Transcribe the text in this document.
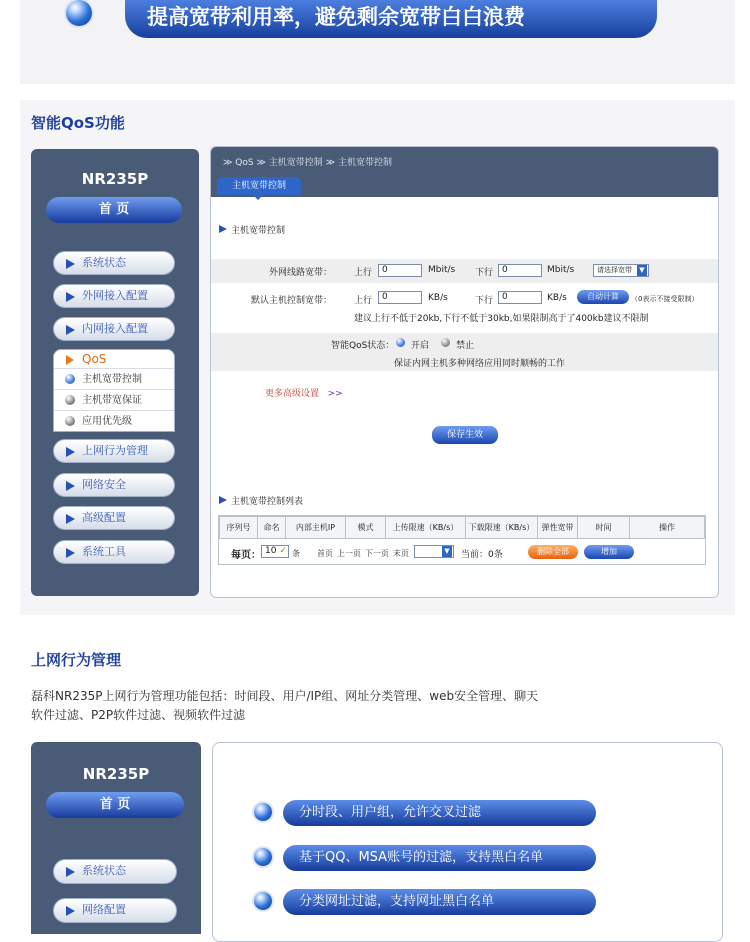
提高宽带利用率，避免剩余宽带白白浪费
智能QoS功能
NR235P
首 页
系统状态
外网接入配置
内网接入配置
QoS
主机宽带控制
主机带宽保证
应用优先级
上网行为管理
网络安全
高级配置
系统工具
≫ QoS ≫ 主机宽带控制 ≫ 主机宽带控制
主机宽带控制
主机宽带控制
外网线路宽带： 上行	0	Mbit/s 下行 0	Mbit/s	请选择宽带	▼
默认主机控制宽带： 上行	0	KB/s	下行 0	KB/s	自动计算	（0表示不接受限制）
建议上行不低于20kb,下行不低于30kb,如果限制高于了400kb建议不限制
智能QoS状态： 开启	禁止
保证内网主机多种网络应用同时顺畅的工作
更多高级设置 >>
保存生效
主机宽带控制列表
序列号	命名	内部主机IP	模式	上传限速（KB/s）	下载限速（KB/s）	弹性宽带	时间	操作
每页： 10 ✓ 条 首页 上一页 下一页 末页	▼ 当前：0条	删除全部	增加
上网行为管理
磊科NR235P上网行为管理功能包括：时间段、用户/IP组、网址分类管理、web安全管理、聊天
软件过滤、P2P软件过滤、视频软件过滤
NR235P
首 页
系统状态
网络配置
分时段、用户组，允许交叉过滤
基于QQ、MSA账号的过滤，支持黑白名单
分类网址过滤，支持网址黑白名单
